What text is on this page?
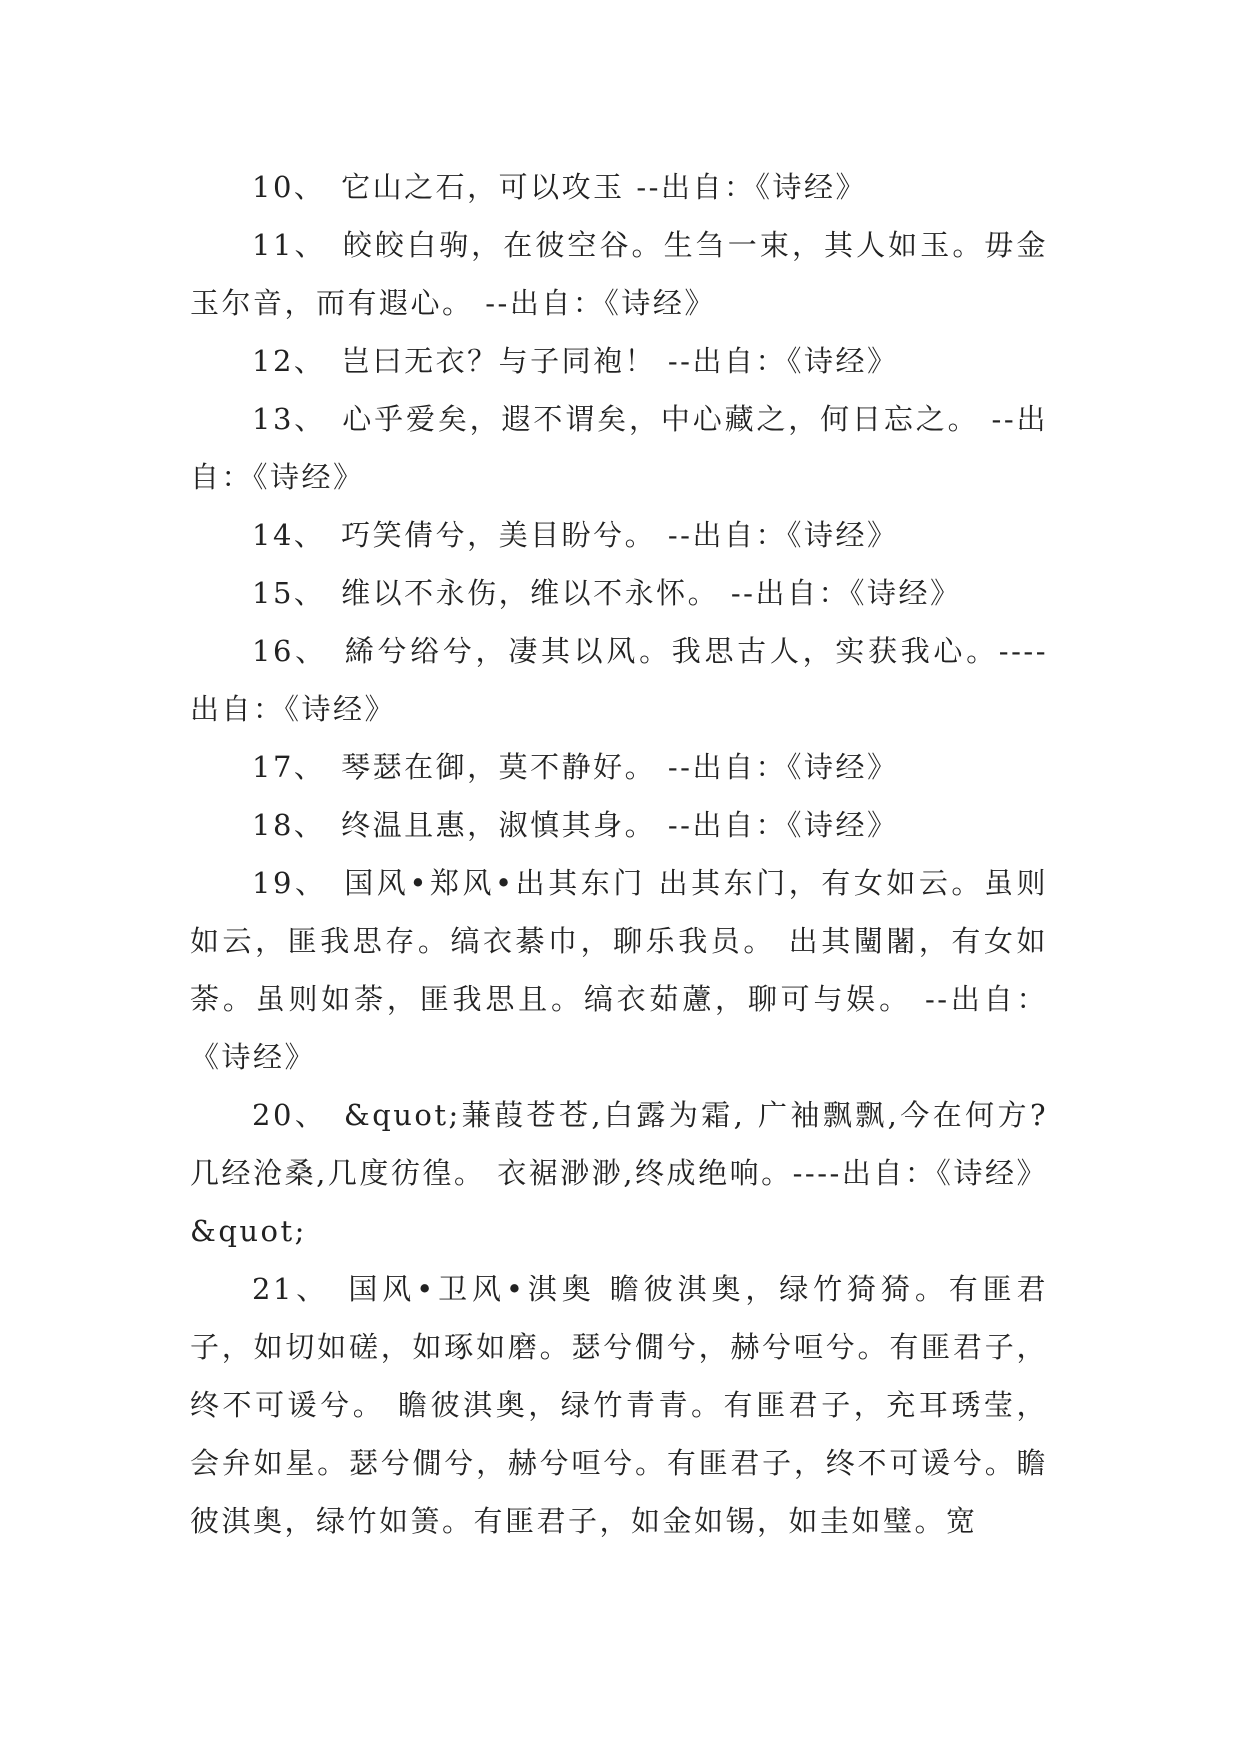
10、 它山之石，可以攻玉 --出自：《诗经》

11、 皎皎白驹，在彼空谷。生刍一束，其人如玉。毋金玉尔音，而有遐心。 --出自：《诗经》

12、 岂曰无衣？与子同袍！ --出自：《诗经》

13、 心乎爱矣，遐不谓矣，中心藏之，何日忘之。 --出自：《诗经》

14、 巧笑倩兮，美目盼兮。 --出自：《诗经》

15、 维以不永伤，维以不永怀。 --出自：《诗经》

16、 絺兮绤兮，凄其以风。我思古人，实获我心。----出自：《诗经》

17、 琴瑟在御，莫不静好。 --出自：《诗经》

18、 终温且惠，淑慎其身。 --出自：《诗经》

19、 国风•郑风•出其东门 出其东门，有女如云。虽则如云，匪我思存。缟衣綦巾，聊乐我员。 出其闉闍，有女如荼。虽则如荼，匪我思且。缟衣茹藘，聊可与娱。 --出自：《诗经》

20、 &quot;蒹葭苍苍,白露为霜, 广袖飘飘,今在何方?几经沧桑,几度彷徨。 衣裾渺渺,终成绝响。----出自：《诗经》&quot;

21、 国风•卫风•淇奥 瞻彼淇奥，绿竹猗猗。有匪君子，如切如磋，如琢如磨。瑟兮僩兮，赫兮咺兮。有匪君子，终不可谖兮。 瞻彼淇奥，绿竹青青。有匪君子，充耳琇莹，会弁如星。瑟兮僩兮，赫兮咺兮。有匪君子，终不可谖兮。瞻彼淇奥，绿竹如箦。有匪君子，如金如锡，如圭如璧。宽
